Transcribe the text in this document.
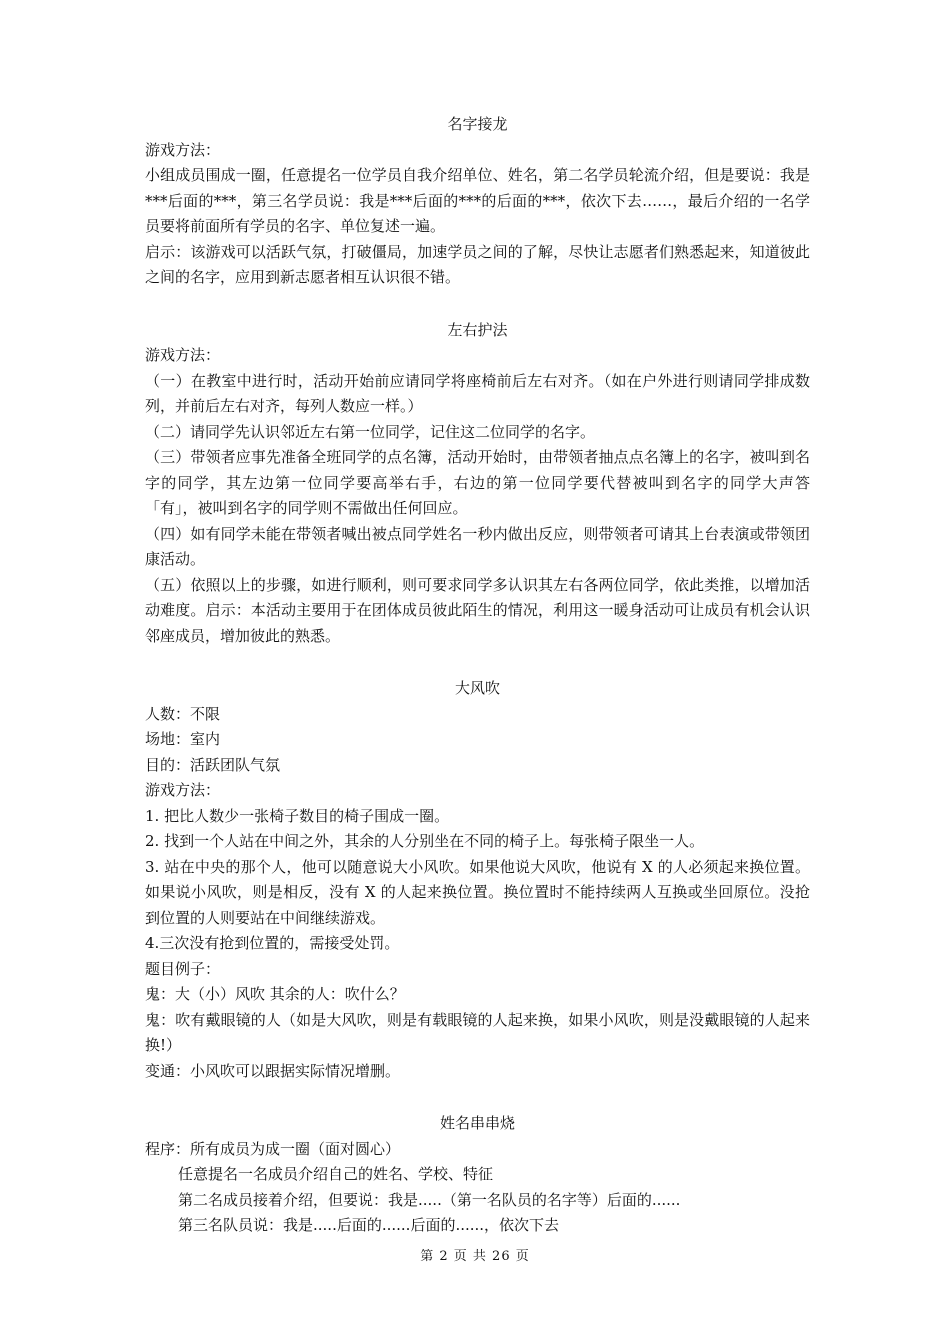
名字接龙

游戏方法：

小组成员围成一圈，任意提名一位学员自我介绍单位、姓名，第二名学员轮流介绍，但是要说：我是***后面的***，第三名学员说：我是***后面的***的后面的***，依次下去……，最后介绍的一名学员要将前面所有学员的名字、单位复述一遍。

启示：该游戏可以活跃气氛，打破僵局，加速学员之间的了解，尽快让志愿者们熟悉起来，知道彼此之间的名字，应用到新志愿者相互认识很不错。

左右护法

游戏方法：

（一）在教室中进行时，活动开始前应请同学将座椅前后左右对齐。（如在户外进行则请同学排成数列，并前后左右对齐，每列人数应一样。）

（二）请同学先认识邻近左右第一位同学，记住这二位同学的名字。

（三）带领者应事先准备全班同学的点名簿，活动开始时，由带领者抽点点名簿上的名字，被叫到名字的同学，其左边第一位同学要高举右手，右边的第一位同学要代替被叫到名字的同学大声答「有」，被叫到名字的同学则不需做出任何回应。

（四）如有同学未能在带领者喊出被点同学姓名一秒内做出反应，则带领者可请其上台表演或带领团康活动。

（五）依照以上的步骤，如进行顺利，则可要求同学多认识其左右各两位同学，依此类推，以增加活动难度。启示：本活动主要用于在团体成员彼此陌生的情况，利用这一暖身活动可让成员有机会认识邻座成员，增加彼此的熟悉。

大风吹

人数：不限

场地：室内

目的：活跃团队气氛

游戏方法：

1. 把比人数少一张椅子数目的椅子围成一圈。

2. 找到一个人站在中间之外，其余的人分别坐在不同的椅子上。每张椅子限坐一人。

3. 站在中央的那个人，他可以随意说大小风吹。如果他说大风吹，他说有 X 的人必须起来换位置。如果说小风吹，则是相反，没有 X 的人起来换位置。换位置时不能持续两人互换或坐回原位。没抢到位置的人则要站在中间继续游戏。

4.三次没有抢到位置的，需接受处罚。

题目例子：

鬼：大（小）风吹 其余的人：吹什么？

鬼：吹有戴眼镜的人（如是大风吹，则是有载眼镜的人起来换，如果小风吹，则是没戴眼镜的人起来换!）

变通：小风吹可以跟据实际情况增删。

姓名串串烧

程序：所有成员为成一圈（面对圆心）

任意提名一名成员介绍自己的姓名、学校、特征

第二名成员接着介绍，但要说：我是.....（第一名队员的名字等）后面的......

第三名队员说：我是.....后面的......后面的......，依次下去

第 2 页 共 26 页
